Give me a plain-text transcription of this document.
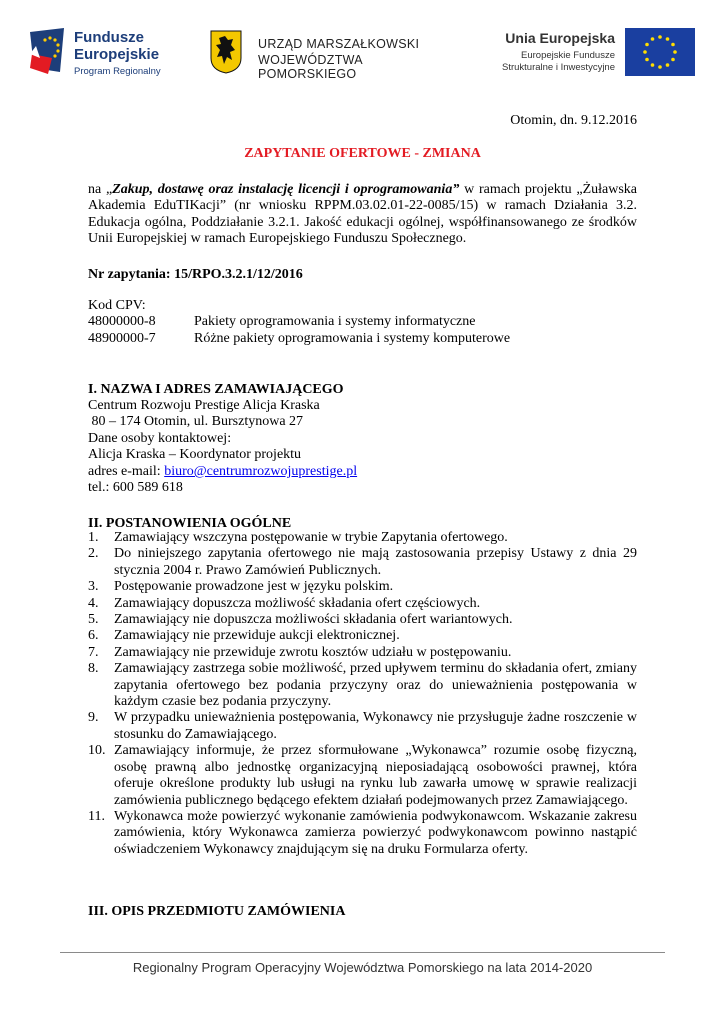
Fundusze
Europejskie
Program Regionalny
URZĄD MARSZAŁKOWSKI
WOJEWÓDZTWA POMORSKIEGO
Unia Europejska
Europejskie Fundusze
Strukturalne i Inwestycyjne
Otomin, dn. 9.12.2016
ZAPYTANIE OFERTOWE - ZMIANA
na „Zakup, dostawę oraz instalację licencji i oprogramowania” w ramach projektu „Żuławska Akademia EduTIKacji” (nr wniosku RPPM.03.02.01-22-0085/15) w ramach Działania 3.2. Edukacja ogólna, Poddziałanie 3.2.1. Jakość edukacji ogólnej, współfinansowanego ze środków Unii Europejskiej w ramach Europejskiego Funduszu Społecznego.
Nr zapytania: 15/RPO.3.2.1/12/2016
Kod CPV:
48000000-8	Pakiety oprogramowania i systemy informatyczne
48900000-7	Różne pakiety oprogramowania i systemy komputerowe
I. NAZWA I ADRES ZAMAWIAJĄCEGO
Centrum Rozwoju Prestige Alicja Kraska
80 – 174 Otomin, ul. Bursztynowa 27
Dane osoby kontaktowej:
Alicja Kraska – Koordynator projektu
adres e-mail: biuro@centrumrozwojuprestige.pl
tel.: 600 589 618
II. POSTANOWIENIA OGÓLNE
1. Zamawiający wszczyna postępowanie w trybie Zapytania ofertowego.
2. Do niniejszego zapytania ofertowego nie mają zastosowania przepisy Ustawy z dnia 29 stycznia 2004 r. Prawo Zamówień Publicznych.
3. Postępowanie prowadzone jest w języku polskim.
4. Zamawiający dopuszcza możliwość składania ofert częściowych.
5. Zamawiający nie dopuszcza możliwości składania ofert wariantowych.
6. Zamawiający nie przewiduje aukcji elektronicznej.
7. Zamawiający nie przewiduje zwrotu kosztów udziału w postępowaniu.
8. Zamawiający zastrzega sobie możliwość, przed upływem terminu do składania ofert, zmiany zapytania ofertowego bez podania przyczyny oraz do unieważnienia postępowania w każdym czasie bez podania przyczyny.
9. W przypadku unieważnienia postępowania, Wykonawcy nie przysługuje żadne roszczenie w stosunku do Zamawiającego.
10. Zamawiający informuje, że przez sformułowane „Wykonawca” rozumie osobę fizyczną, osobę prawną albo jednostkę organizacyjną nieposiadającą osobowości prawnej, która oferuje określone produkty lub usługi na rynku lub zawarła umowę w sprawie realizacji zamówienia publicznego będącego efektem działań podejmowanych przez Zamawiającego.
11. Wykonawca może powierzyć wykonanie zamówienia podwykonawcom. Wskazanie zakresu zamówienia, który Wykonawca zamierza powierzyć podwykonawcom powinno nastąpić oświadczeniem Wykonawcy znajdującym się na druku Formularza oferty.
III. OPIS PRZEDMIOTU ZAMÓWIENIA
Regionalny Program Operacyjny Województwa Pomorskiego na lata 2014-2020
